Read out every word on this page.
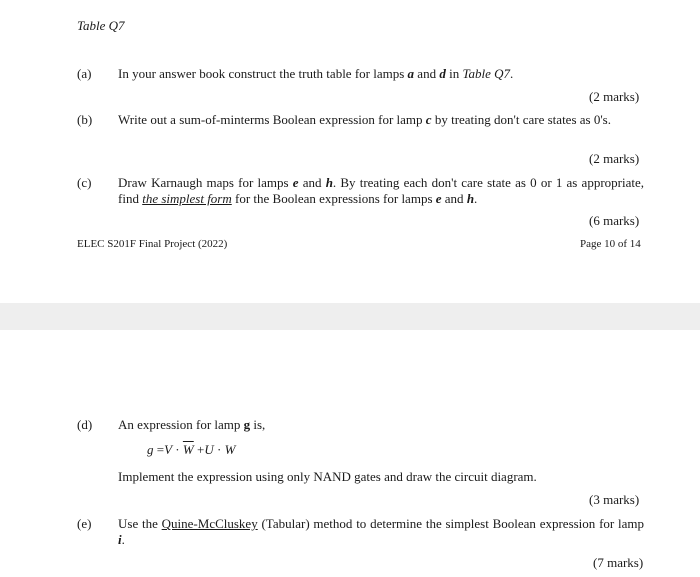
Table Q7
(a) In your answer book construct the truth table for lamps a and d in Table Q7.
(2 marks)
(b) Write out a sum-of-minterms Boolean expression for lamp c by treating don't care states as 0's.
(2 marks)
(c) Draw Karnaugh maps for lamps e and h. By treating each don't care state as 0 or 1 as appropriate, find the simplest form for the Boolean expressions for lamps e and h.
(6 marks)
ELEC S201F Final Project (2022)	Page 10 of 14
(d) An expression for lamp g is,
$g =V \cdot \overline{W} +U \cdot W$
Implement the expression using only NAND gates and draw the circuit diagram.
(3 marks)
(e) Use the Quine-McCluskey (Tabular) method to determine the simplest Boolean expression for lamp i.
(7 marks)
